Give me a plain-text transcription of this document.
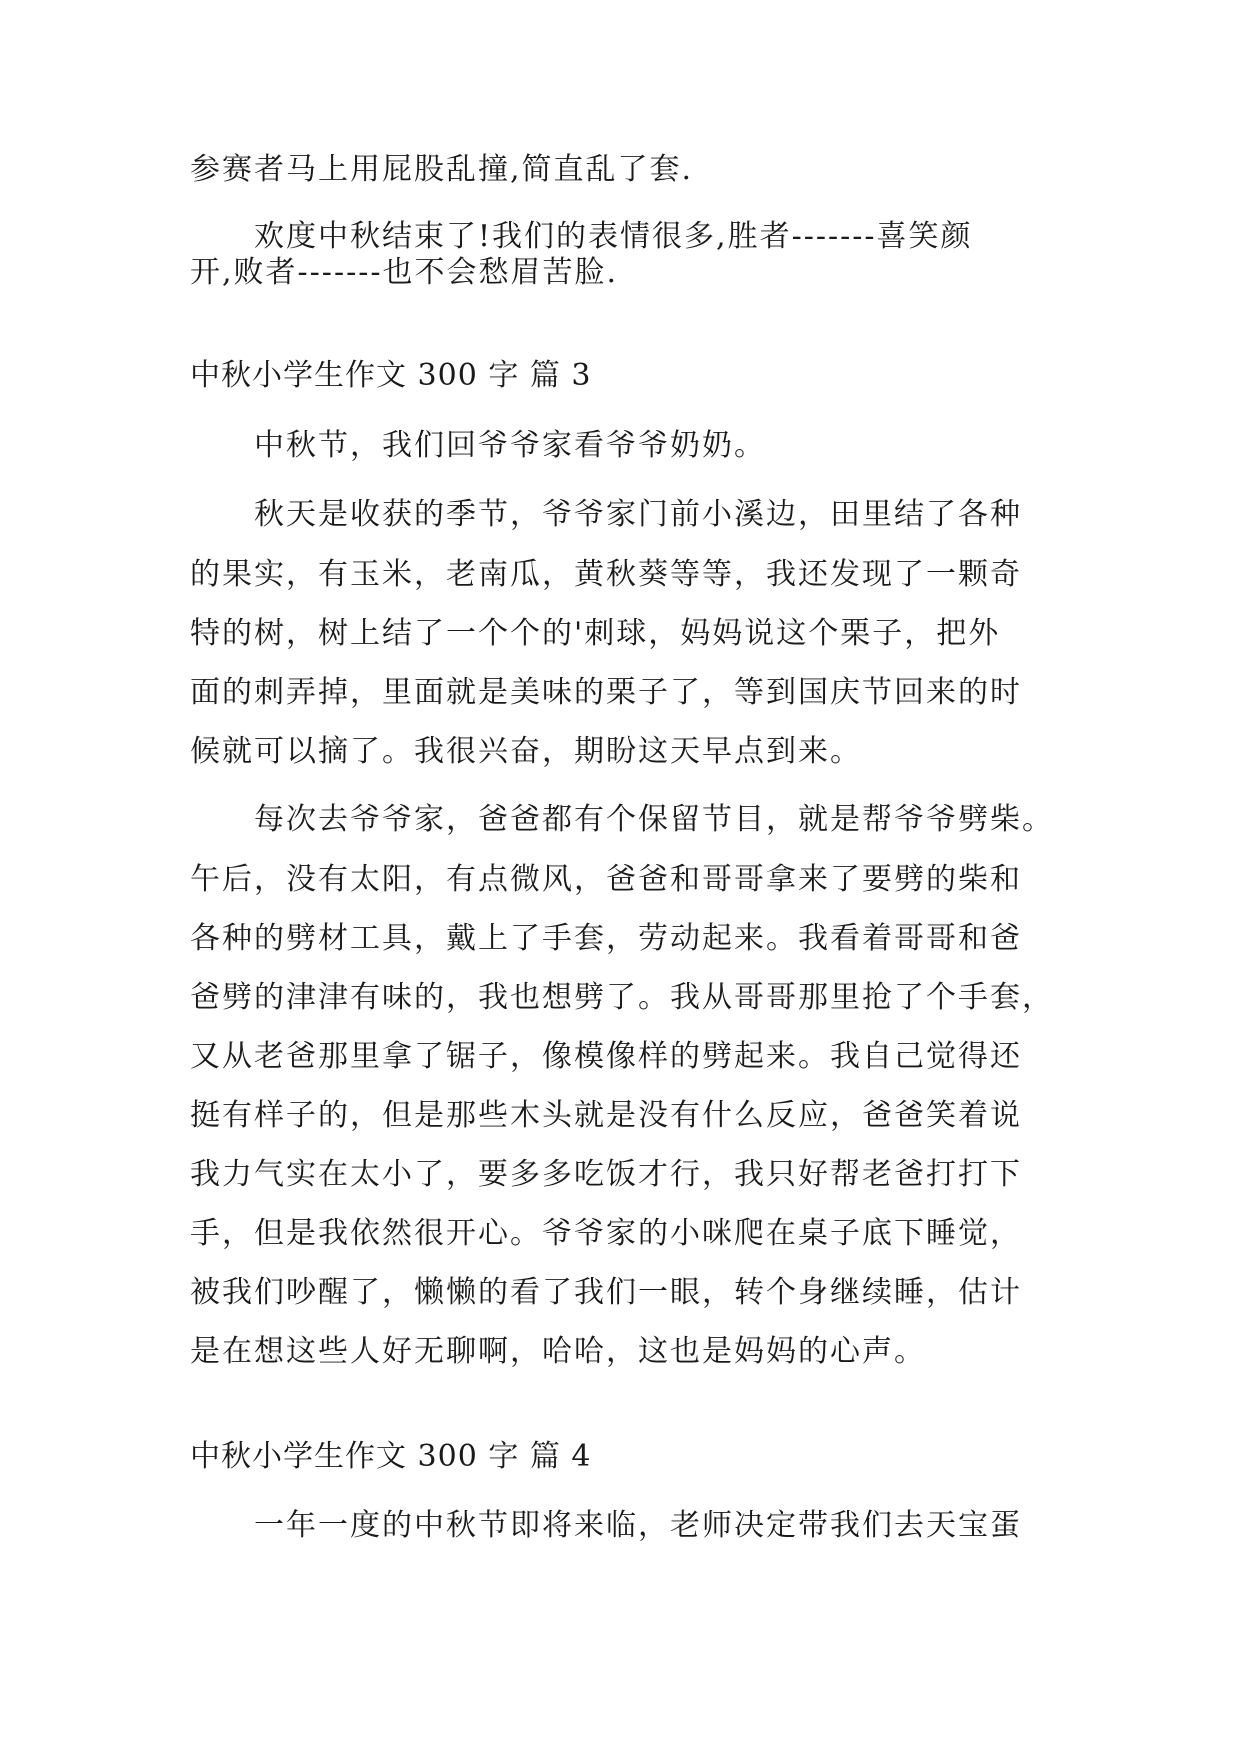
参赛者马上用屁股乱撞,简直乱了套.

　　欢度中秋结束了!我们的表情很多,胜者-------喜笑颜

开,败者-------也不会愁眉苦脸.

中秋小学生作文 300 字 篇 3

　　中秋节，我们回爷爷家看爷爷奶奶。

　　秋天是收获的季节，爷爷家门前小溪边，田里结了各种

的果实，有玉米，老南瓜，黄秋葵等等，我还发现了一颗奇

特的树，树上结了一个个的'刺球，妈妈说这个栗子，把外

面的刺弄掉，里面就是美味的栗子了，等到国庆节回来的时

候就可以摘了。我很兴奋，期盼这天早点到来。

　　每次去爷爷家，爸爸都有个保留节目，就是帮爷爷劈柴。

午后，没有太阳，有点微风，爸爸和哥哥拿来了要劈的柴和

各种的劈材工具，戴上了手套，劳动起来。我看着哥哥和爸

爸劈的津津有味的，我也想劈了。我从哥哥那里抢了个手套，

又从老爸那里拿了锯子，像模像样的劈起来。我自己觉得还

挺有样子的，但是那些木头就是没有什么反应，爸爸笑着说

我力气实在太小了，要多多吃饭才行，我只好帮老爸打打下

手，但是我依然很开心。爷爷家的小咪爬在桌子底下睡觉，

被我们吵醒了，懒懒的看了我们一眼，转个身继续睡，估计

是在想这些人好无聊啊，哈哈，这也是妈妈的心声。

中秋小学生作文 300 字 篇 4

　　一年一度的中秋节即将来临，老师决定带我们去天宝蛋
